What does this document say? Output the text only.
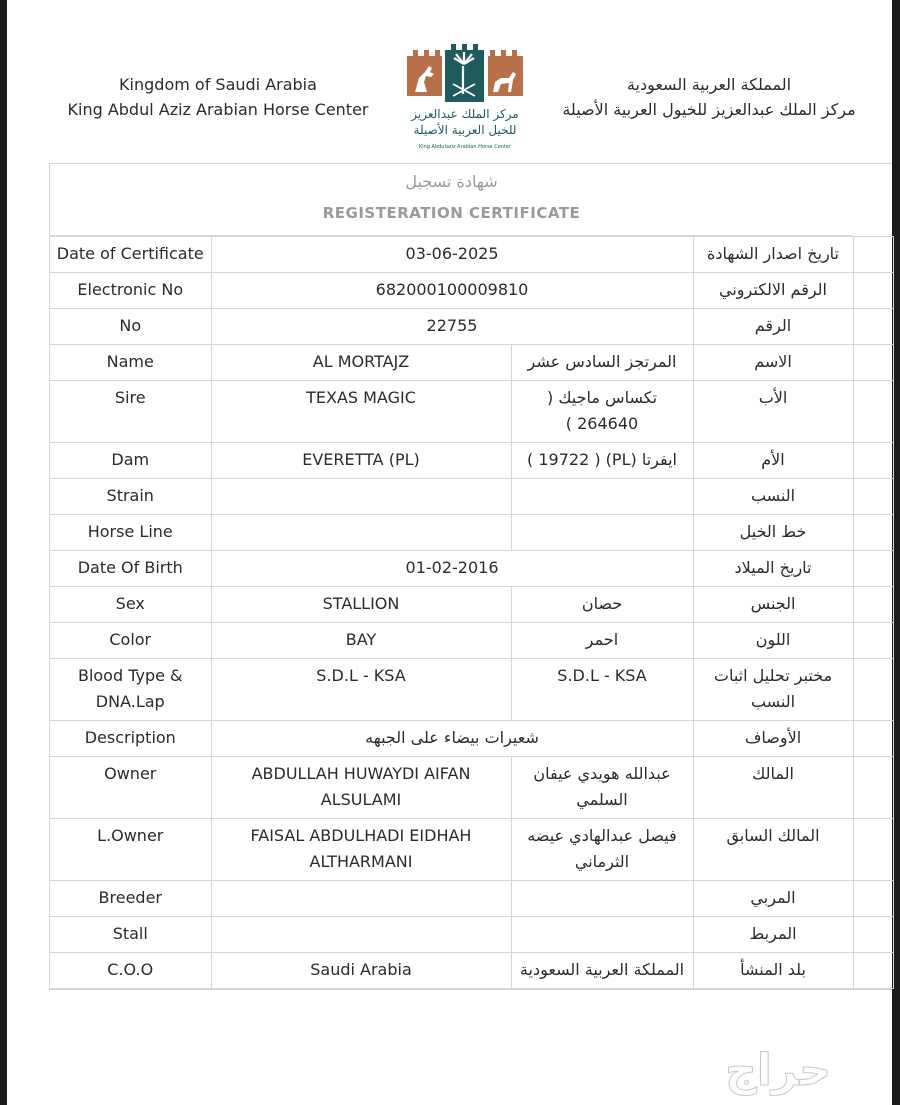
Kingdom of Saudi Arabia
King Abdul Aziz Arabian Horse Center	مركز الملك عبدالعزيز
للخيل العربية الأصيلة
King Abdulaziz Arabian Horse Center
المملكة العربية السعودية
مركز الملك عبدالعزيز للخيول العربية الأصيلة
شهادة تسجيل
REGISTERATION CERTIFICATE
Date of Certificate	03-06-2025		تاريخ اصدار الشهادة	
Electronic No	682000100009810		الرقم الالكتروني	
No	22755		الرقم	
Name	AL MORTAJZ	المرتجز السادس عشر	الاسم	
Sire	TEXAS MAGIC	تكساس ماجيك ( 264640 )	الأب	
Dam	EVERETTA (PL)	ايفرتا (PL) ( 19722 )	الأم	
Strain			النسب	
Horse Line			خط الخيل	
Date Of Birth	01-02-2016		تاريخ الميلاد	
Sex	STALLION	حصان	الجنس	
Color	BAY	احمر	اللون	
Blood Type & DNA.Lap	S.D.L - KSA	S.D.L - KSA	مختبر تحليل اثبات النسب	
Description	شعيرات بيضاء على الجبهه		الأوصاف	
Owner	ABDULLAH HUWAYDI AIFAN ALSULAMI	عبدالله هويدي عيفان السلمي	المالك	
L.Owner	FAISAL ABDULHADI EIDHAH ALTHARMANI	فيصل عبدالهادي عيضه الثرماني	المالك السابق	
Breeder			المربي	
Stall			المربط	
C.O.O	Saudi Arabia	المملكة العربية السعودية	بلد المنشأ	
حراج
